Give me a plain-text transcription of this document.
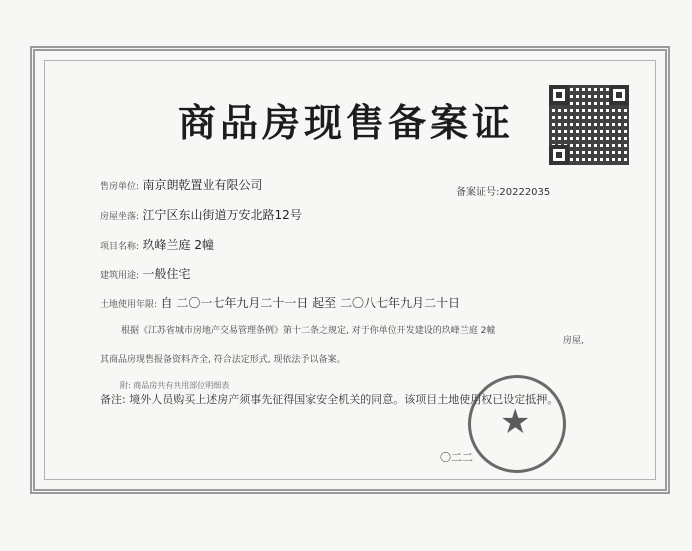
商品房现售备案证
备案证号:20222035
售房单位: 南京朗乾置业有限公司
房屋坐落: 江宁区东山街道万安北路12号
项目名称: 玖峰兰庭 2幢
建筑用途: 一般住宅
土地使用年限: 自 二〇一七年九月二十一日 起至 二〇八七年九月二十日
根据《江苏省城市房地产交易管理条例》第十二条之规定, 对于你单位开发建设的玖峰兰庭 2幢
房屋,
其商品房现售报备资料齐全, 符合法定形式, 现依法予以备案。
附: 商品房共有共用部位明细表
备注: 境外人员购买上述房产须事先征得国家安全机关的同意。该项目土地使用权已设定抵押。
〇二二
★
